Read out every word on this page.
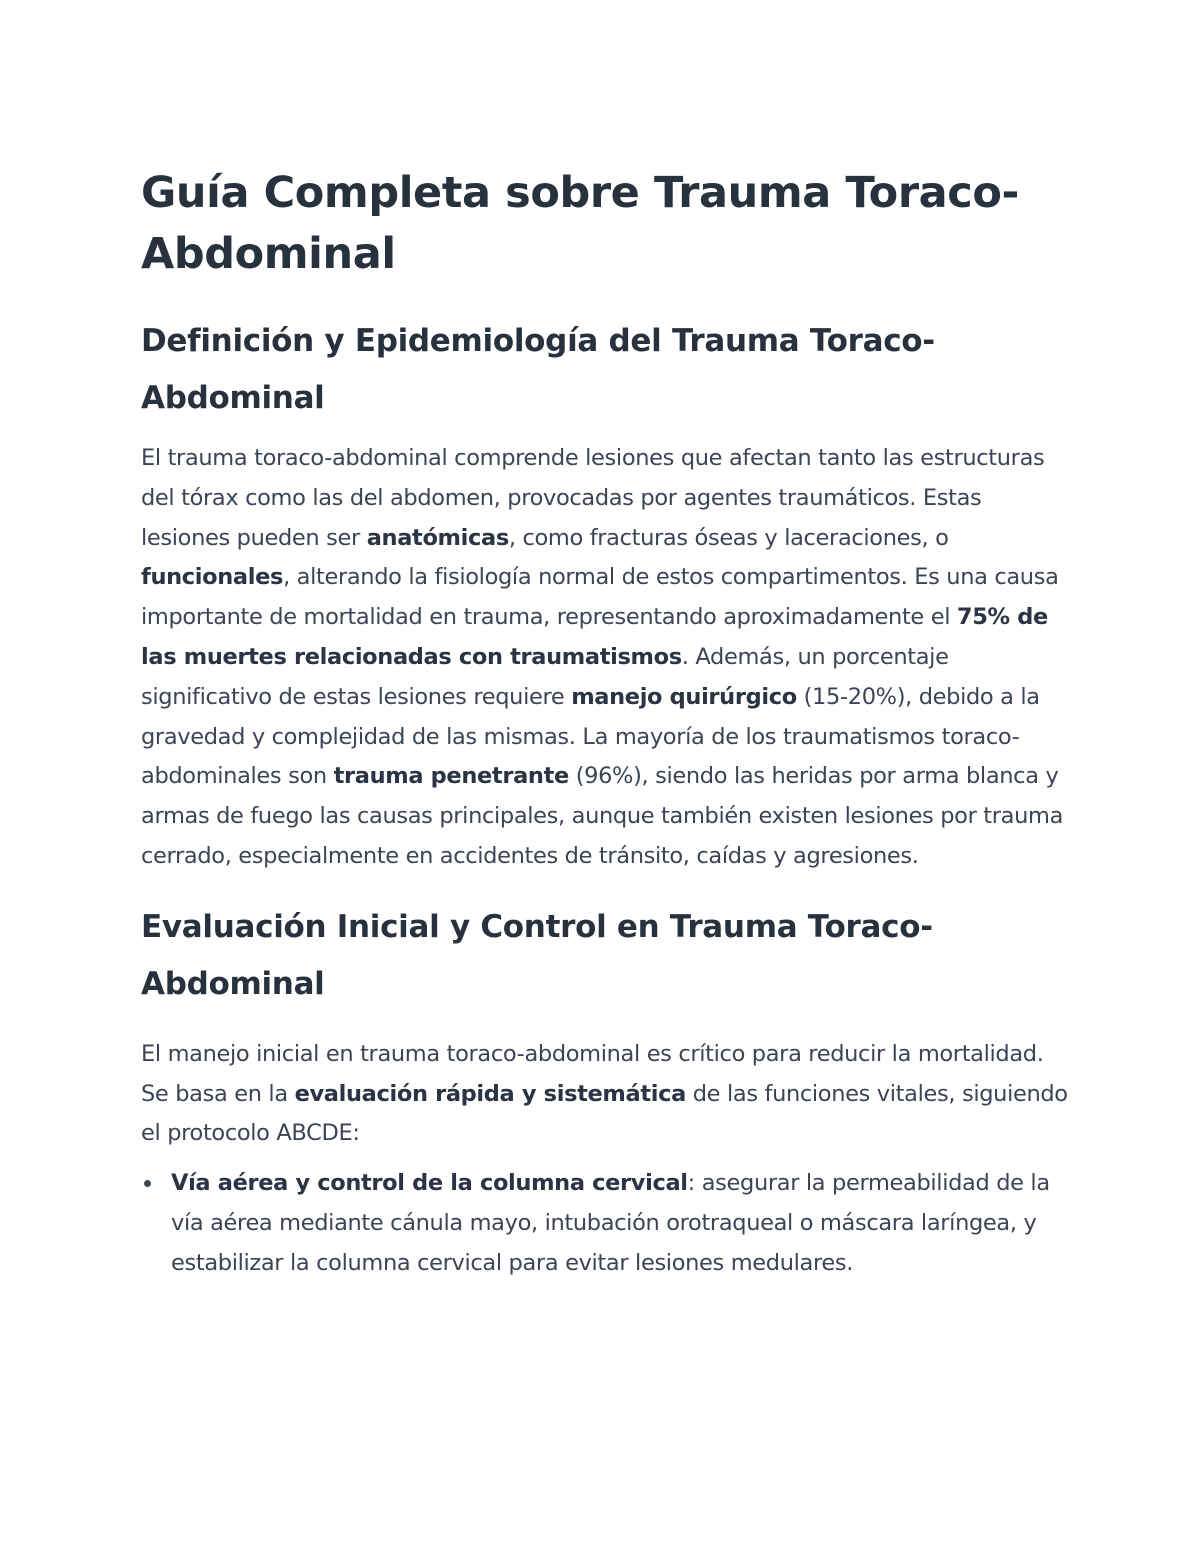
Guía Completa sobre Trauma Toraco-Abdominal
Definición y Epidemiología del Trauma Toraco-Abdominal

El trauma toraco-abdominal comprende lesiones que afectan tanto las estructuras del tórax como las del abdomen, provocadas por agentes traumáticos. Estas lesiones pueden ser anatómicas, como fracturas óseas y laceraciones, o funcionales, alterando la fisiología normal de estos compartimentos. Es una causa importante de mortalidad en trauma, representando aproximadamente el 75% de las muertes relacionadas con traumatismos. Además, un porcentaje significativo de estas lesiones requiere manejo quirúrgico (15-20%), debido a la gravedad y complejidad de las mismas. La mayoría de los traumatismos toraco-abdominales son trauma penetrante (96%), siendo las heridas por arma blanca y armas de fuego las causas principales, aunque también existen lesiones por trauma cerrado, especialmente en accidentes de tránsito, caídas y agresiones.

Evaluación Inicial y Control en Trauma Toraco-Abdominal

El manejo inicial en trauma toraco-abdominal es crítico para reducir la mortalidad. Se basa en la evaluación rápida y sistemática de las funciones vitales, siguiendo el protocolo ABCDE:

Vía aérea y control de la columna cervical: asegurar la permeabilidad de la vía aérea mediante cánula mayo, intubación orotraqueal o máscara laríngea, y estabilizar la columna cervical para evitar lesiones medulares.
